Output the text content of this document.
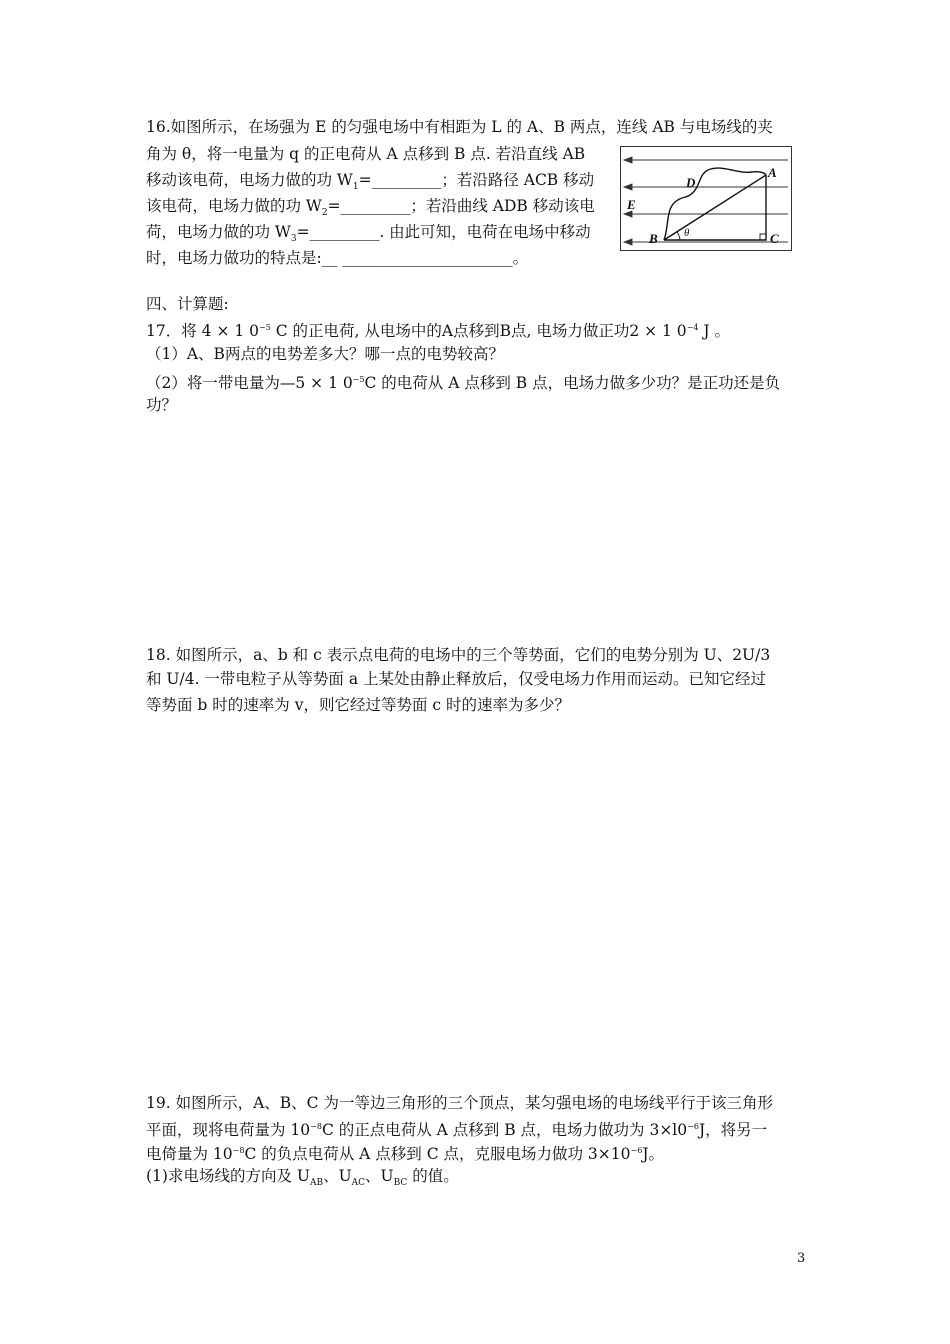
16.如图所示，在场强为 E 的匀强电场中有相距为 L 的 A、B 两点，连线 AB 与电场线的夹
角为 θ，将一电量为 q 的正电荷从 A 点移到 B 点. 若沿直线 AB
移动该电荷，电场力做的功 $W_1=\_\_\_\_\_\_\_\_\_$；若沿路径 ACB 移动
该电荷，电场力做的功 $W_2=\_\_\_\_\_\_\_\_\_$；若沿曲线 ADB 移动该电
荷，电场力做的功 $W_3=\_\_\_\_\_\_\_\_\_$. 由此可知，电荷在电场中移动
时，电场力做功的特点是:__ ______________________。
A
B	C
D
E
θ
四、计算题:
17．将 4 × 1 $0^{-5}$ C 的正电荷, 从电场中的A点移到B点, 电场力做正功2 × 1 $0^{-4}$ J 。
（1）A、B两点的电势差多大？哪一点的电势较高？
（2）将一带电量为—5 × 1 $0^{-5}C$ 的电荷从 A 点移到 B 点，电场力做多少功？是正功还是负
功？
18. 如图所示，a、b 和 c 表示点电荷的电场中的三个等势面，它们的电势分别为 U、2U/3
和 U/4. 一带电粒子从等势面 a 上某处由静止释放后，仅受电场力作用而运动。已知它经过
等势面 b 时的速率为 v，则它经过等势面 c 时的速率为多少？
19. 如图所示，A、B、C 为一等边三角形的三个顶点，某匀强电场的电场线平行于该三角形
平面，现将电荷量为 $10^{-8}C$ 的正点电荷从 A 点移到 B 点，电场力做功为 $3\times l0^{-6}J$，将另一
电倚量为 $10^{-8}C$ 的负点电荷从 A 点移到 C 点，克服电场力做功 $3\times 10^{-6}J$。
(1)求电场线的方向及 $U_{AB}$、$U_{AC}$、$U_{BC}$ 的值。
3
